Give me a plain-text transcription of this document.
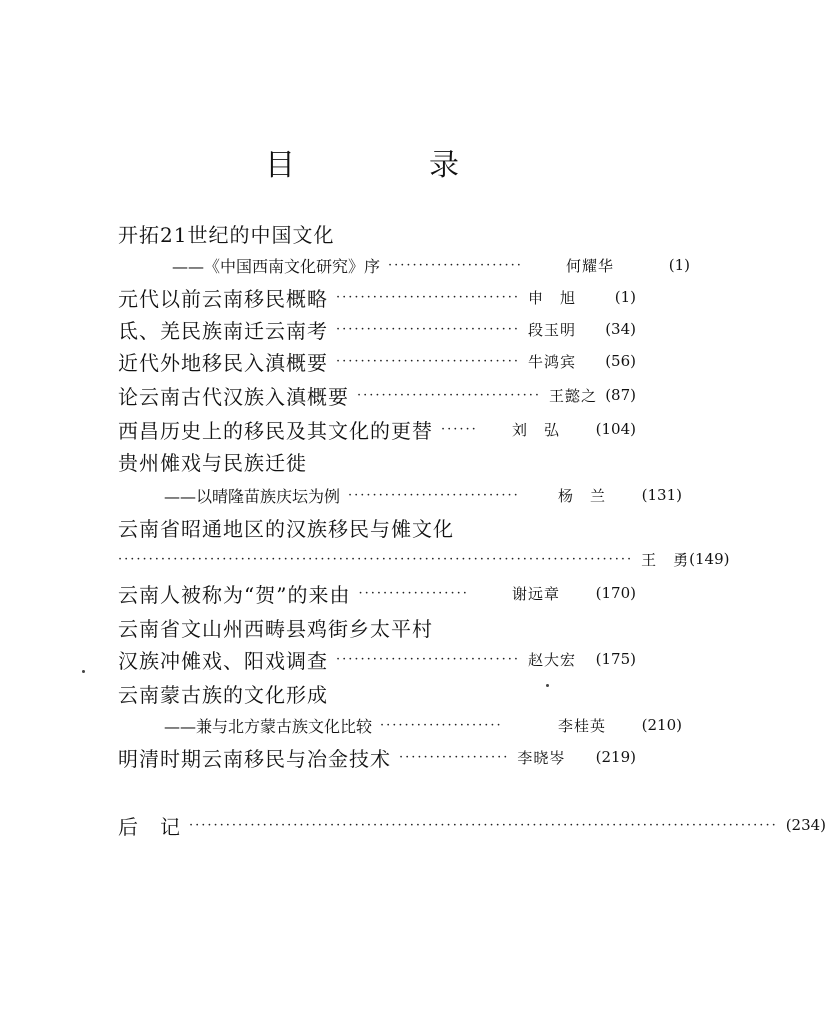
目　录
开拓21世纪的中国文化
——《中国西南文化研究》序 ······················	何耀华	(1)
元代以前云南移民概略 ······························ 申　旭	(1)
氐、羌民族南迁云南考 ······························ 段玉明	(34)
近代外地移民入滇概要 ······························ 牛鸿宾	(56)
论云南古代汉族入滇概要 ······························ 王懿之 (87)
西昌历史上的移民及其文化的更替 ······	刘　弘	(104)
贵州傩戏与民族迁徙
——以晴隆苗族庆坛为例 ····························	杨　兰	(131)
云南省昭通地区的汉族移民与傩文化
···················································································· 王　勇 (149)
云南人被称为“贺”的来由 ··················	谢远章	(170)
云南省文山州西畴县鸡街乡太平村
汉族冲傩戏、阳戏调查 ······························ 赵大宏	(175)
云南蒙古族的文化形成
——兼与北方蒙古族文化比较 ····················	李桂英	(210)
明清时期云南移民与冶金技术 ·················· 李晓岑	(219)
后　记 ································································································ (234)
